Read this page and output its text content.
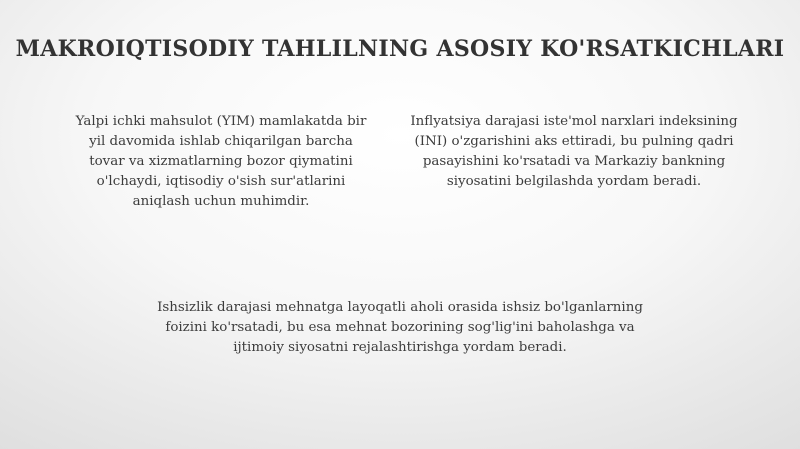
MAKROIQTISODIY TAHLILNING ASOSIY KO'RSATKICHLARI
Yalpi ichki mahsulot (YIM) mamlakatda bir
yil davomida ishlab chiqarilgan barcha
tovar va xizmatlarning bozor qiymatini
o'lchaydi, iqtisodiy o'sish sur'atlarini
aniqlash uchun muhimdir.
Inflyatsiya darajasi iste'mol narxlari indeksining
(INI) o'zgarishini aks ettiradi, bu pulning qadri
pasayishini ko'rsatadi va Markaziy bankning
siyosatini belgilashda yordam beradi.
Ishsizlik darajasi mehnatga layoqatli aholi orasida ishsiz bo'lganlarning
foizini ko'rsatadi, bu esa mehnat bozorining sog'lig'ini baholashga va
ijtimoiy siyosatni rejalashtirishga yordam beradi.
